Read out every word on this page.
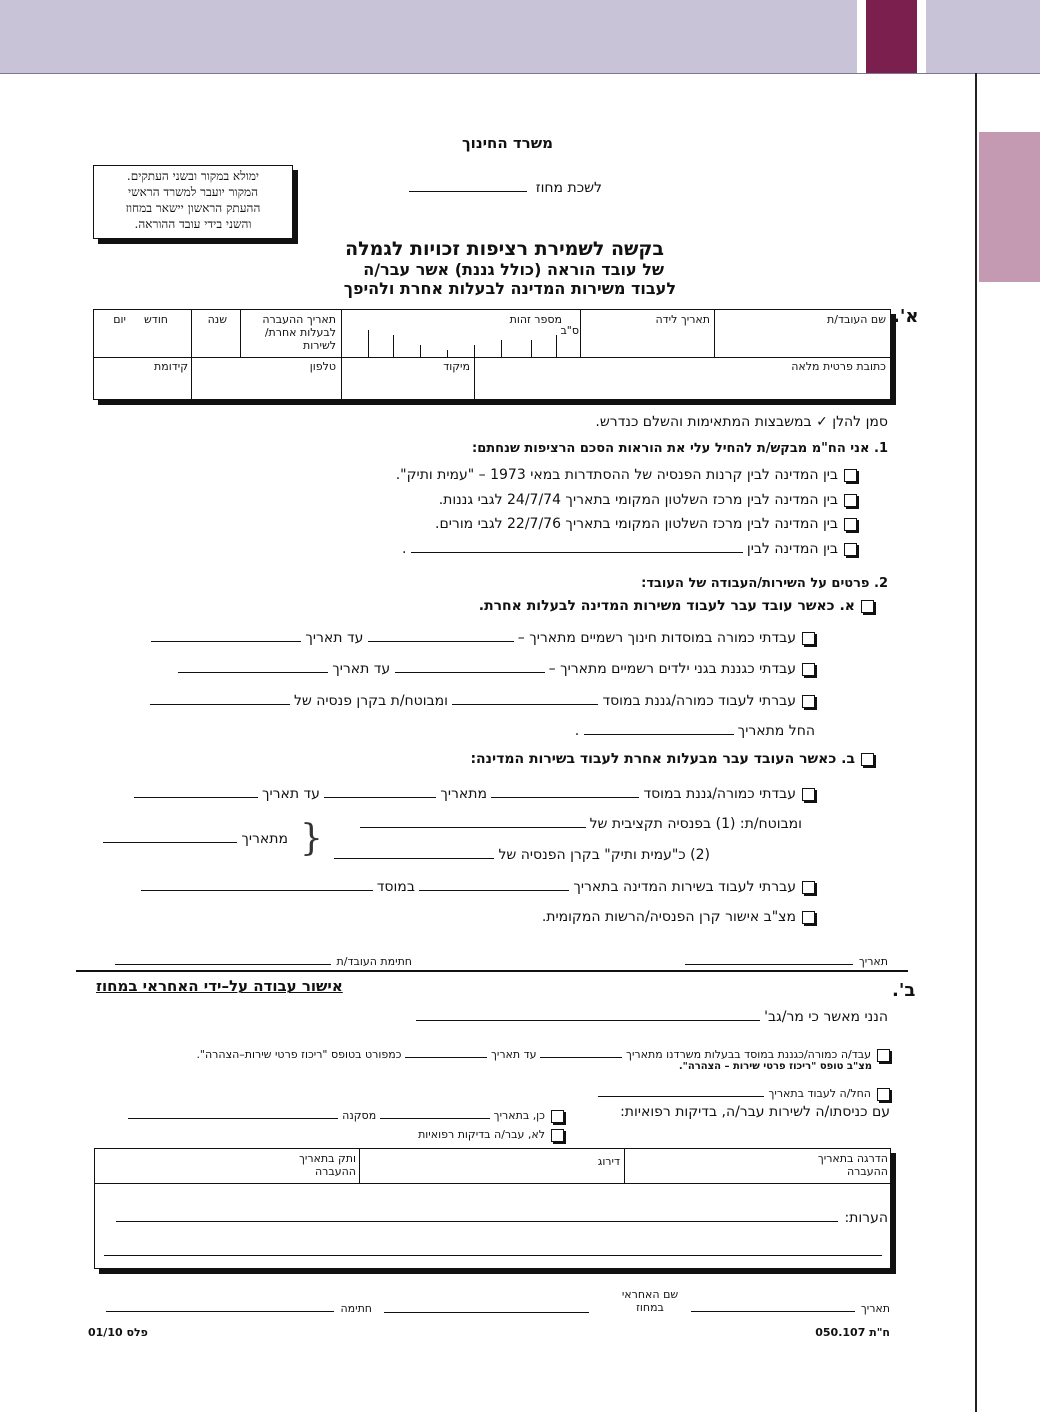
משרד החינוך
ימולא במקור ובשני העתקים.
המקור יועבר למשרד הראשי
ההעתק הראשון יישאר במחוז
והשני בידי עובד ההוראה.
לשכת מחוז
בקשה לשמירת רציפות זכויות לגמלה
של עובד הוראה (כולל גננת) אשר עבר/ה
לעבוד משירות המדינה לבעלות אחרת ולהיפך
א'.
שם העובד/ת
תאריך לידה
מספר זהות
ס"ב
תאריך ההעברה לבעלות אחרת/ לשירות
שנה
חודש
יום
כתובת פרטית מלאה
מיקוד
טלפון
קידומת
סמן להלן ✓ במשבצות המתאימות והשלם כנדרש.
1. אני הח"מ מבקש/ת להחיל עלי את הוראות הסכם הרציפות שנחתם:
בין המדינה לבין קרנות הפנסיה של ההסתדרות במאי 1973 – "עמית ותיק".
בין המדינה לבין מרכז השלטון המקומי בתאריך 24/7/74 לגבי גננות.
בין המדינה לבין מרכז השלטון המקומי בתאריך 22/7/76 לגבי מורים.
בין המדינה לבין .
2. פרטים על השירות/העבודה של העובד:
א. כאשר עובד עבר לעבוד משירות המדינה לבעלות אחרת.
עבדתי כמורה במוסדות חינוך רשמיים מתאריך – עד תאריך
עבדתי כגננת בגני ילדים רשמיים מתאריך – עד תאריך
עברתי לעבוד כמורה/גננת במוסד ומבוטח/ת בקרן פנסיה של
החל מתאריך .
ב. כאשר העובד עבר מבעלות אחרת לעבוד בשירות המדינה:
עבדתי כמורה/גננת במוסד מתאריך עד תאריך
ומבוטח/ת: (1) בפנסיה תקציבית של
(2) כ"עמית ותיק" בקרן הפנסיה של
{
מתאריך
עברתי לעבוד בשירות המדינה בתאריך במוסד
מצ"ב אישור קרן הפנסיה/הרשות המקומית.
תאריך
חתימת העובד/ת
ב'.
אישור עבודה על–ידי האחראי במחוז
הנני מאשר כי מר/גב'
עבד/ה כמורה/כגננת במוסד בבעלות משרדנו מתאריך עד תאריך כמפורט בטופס "ריכוז פרטי שירות–הצהרה".
מצ"ב טופס "ריכוז פרטי שירות – הצהרה".
החל/ה לעבוד בתאריך
עם כניסתו/ה לשירות עבר/ה, בדיקות רפואיות:
כן, בתאריך מסקנה
לא, עבר/ה בדיקות רפואיות
הדרגה בתאריך ההעברה
דירוג
ותק בתאריך ההעברה
הערות:
תאריך
שם האחראי במחוז
חתימה
ח"ת 050.107
פלס 01/10
